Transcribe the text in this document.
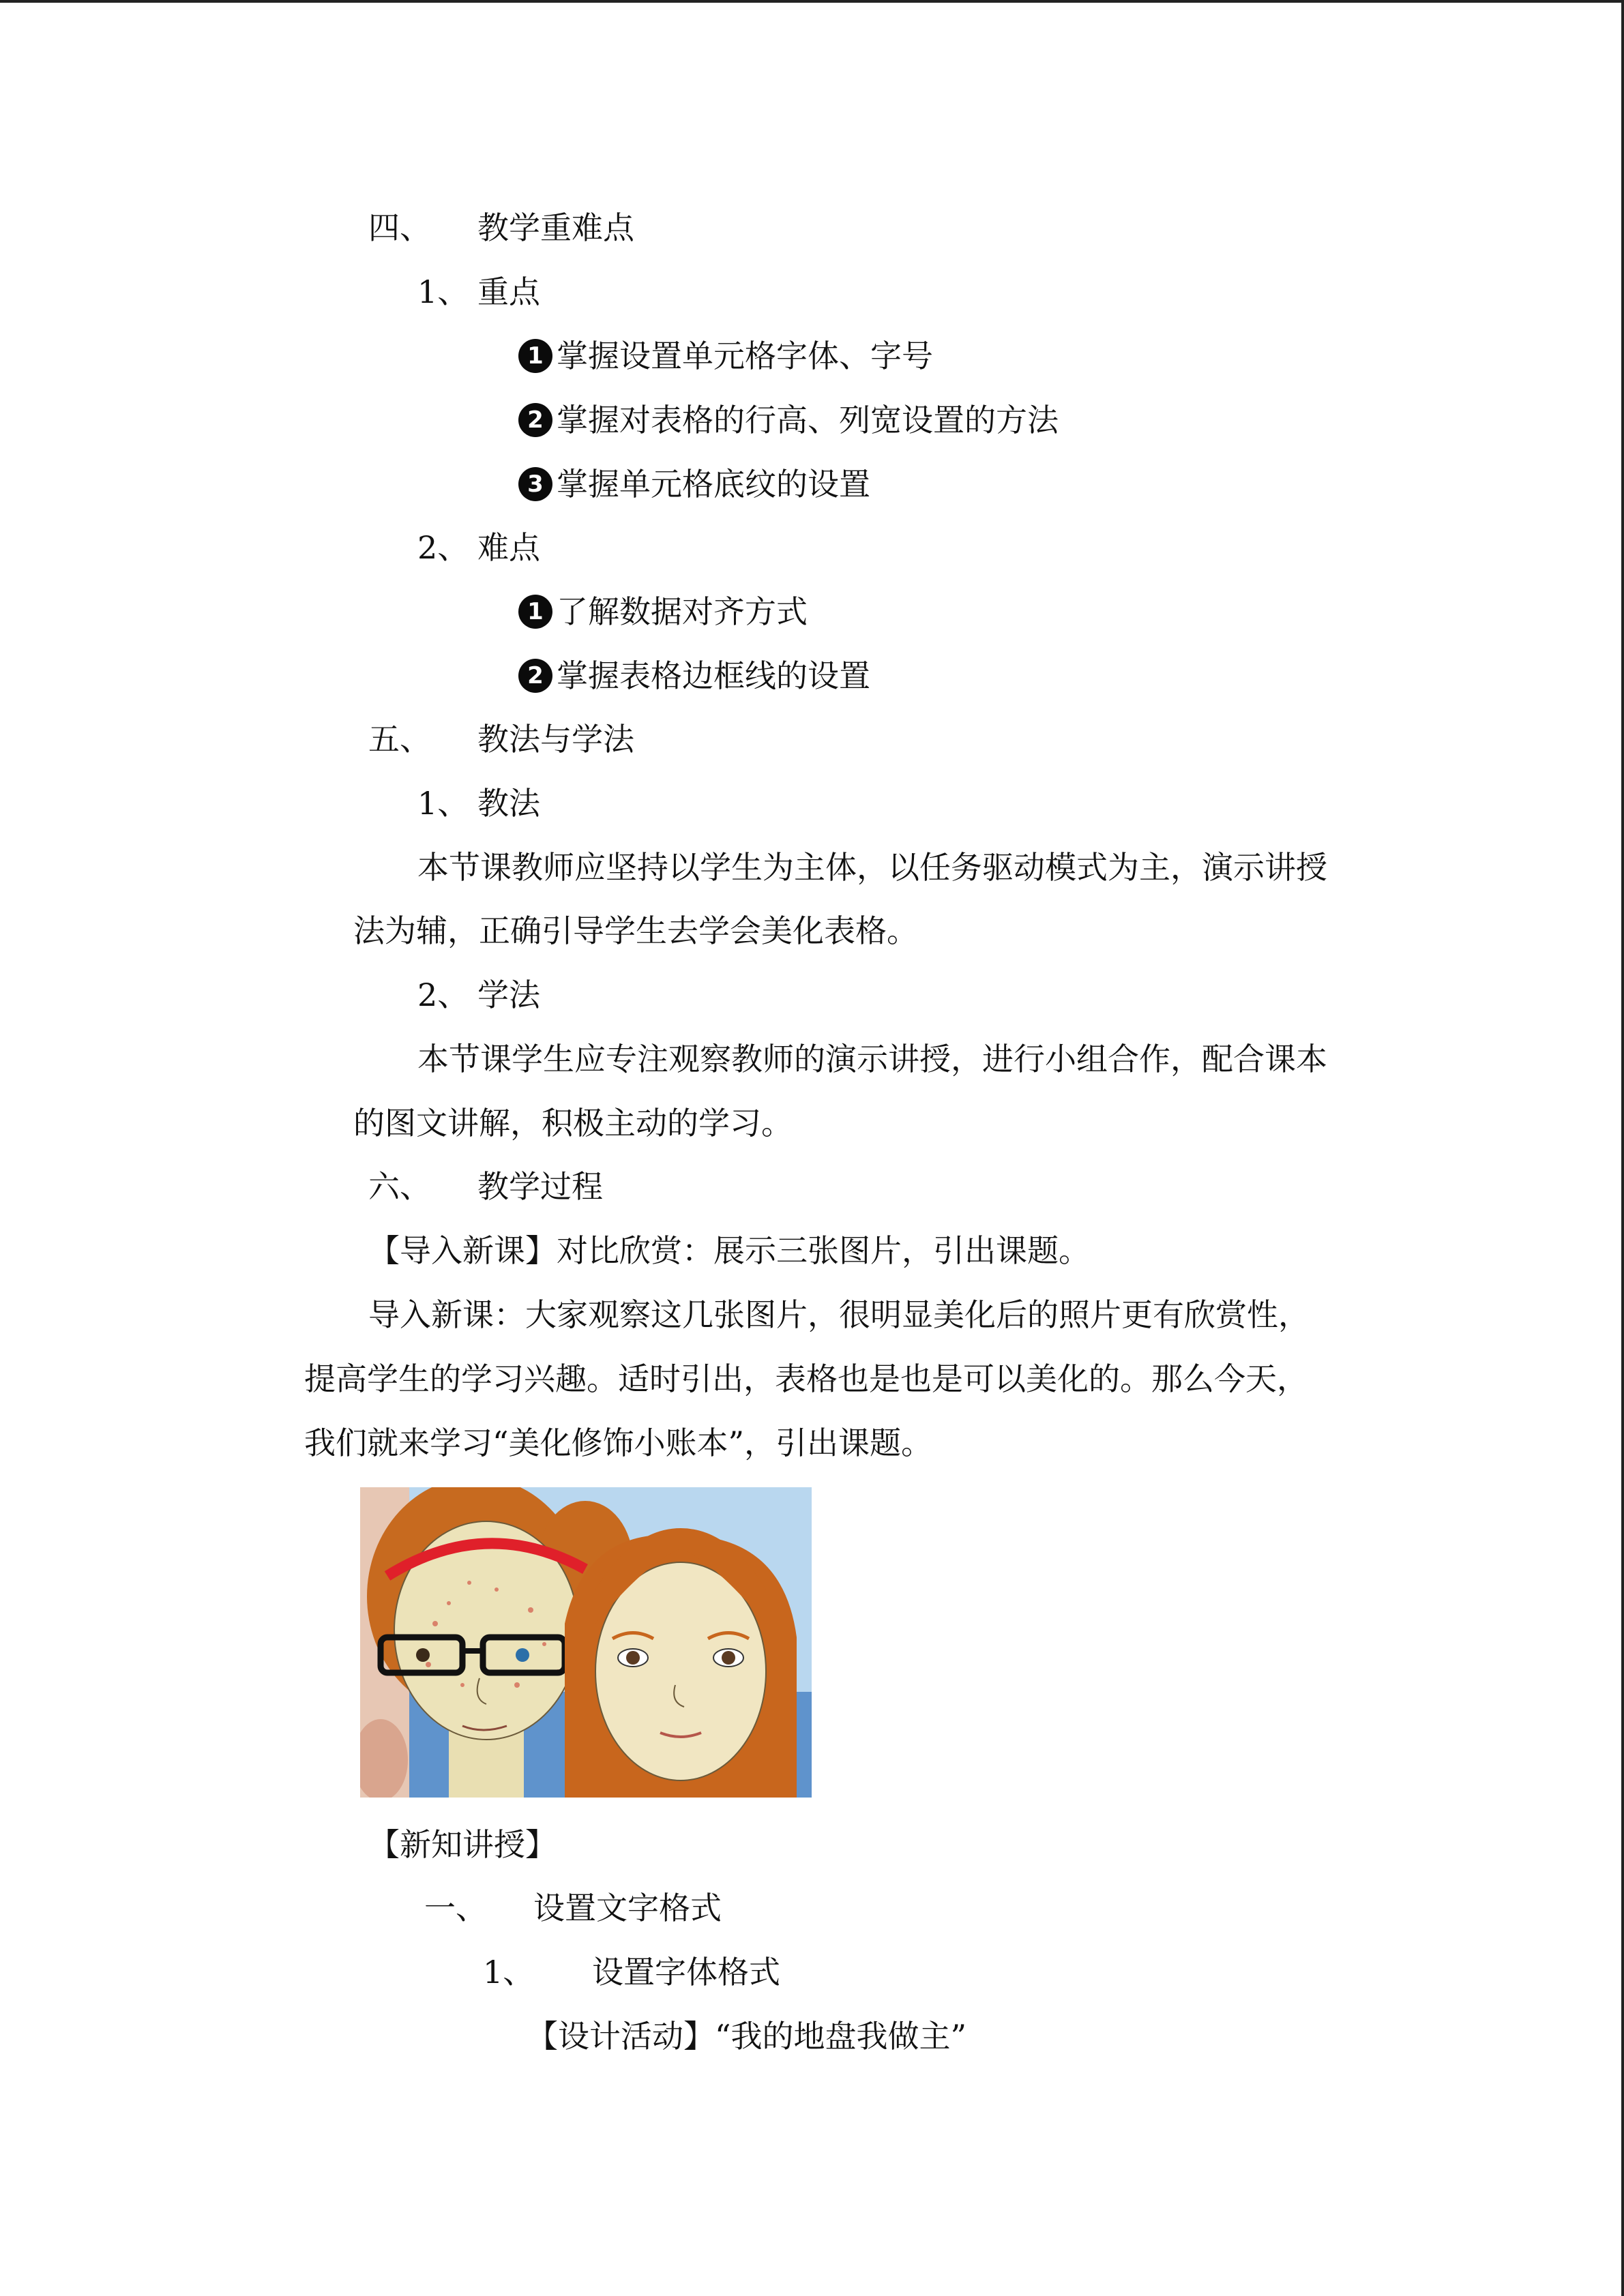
四、 教学重难点
1、 重点
1 掌握设置单元格字体、字号
2 掌握对表格的行高、列宽设置的方法
3 掌握单元格底纹的设置
2、 难点
1 了解数据对齐方式
2 掌握表格边框线的设置
五、 教法与学法
1、 教法
本节课教师应坚持以学生为主体，以任务驱动模式为主，演示讲授
法为辅，正确引导学生去学会美化表格。
2、 学法
本节课学生应专注观察教师的演示讲授，进行小组合作，配合课本
的图文讲解，积极主动的学习。
六、 教学过程
【导入新课】对比欣赏：展示三张图片，引出课题。
导入新课：大家观察这几张图片，很明显美化后的照片更有欣赏性，
提高学生的学习兴趣。适时引出，表格也是也是可以美化的。那么今天，
我们就来学习“美化修饰小账本”，引出课题。
【新知讲授】
一、 设置文字格式
1、 设置字体格式
【设计活动】“我的地盘我做主”
